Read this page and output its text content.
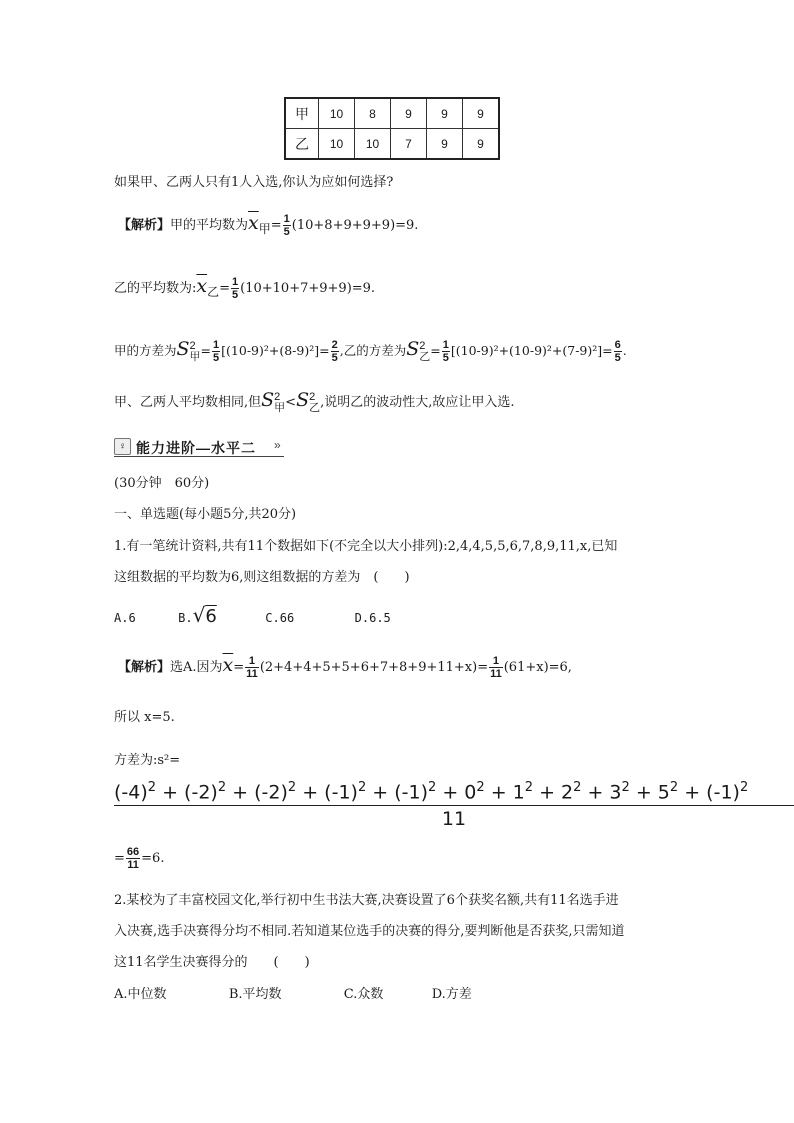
甲	10	8	9	9	9
乙	10	10	7	9	9
如果甲、乙两人只有1人入选,你认为应如何选择?
【解析】甲的平均数为$\overline{x}$甲= $\frac{1}{5} (10+8+9+9+9)=9$.
乙的平均数为$:\overline{x}$乙= $\frac{1}{5} (10+10+7+9+9)=9$.
甲的方差为S 2
甲 = $\frac{1}{5} [(10-9)^2+(8-9)^2]= \frac{2}{5}$ ,乙的方差为S 2
乙 = $\frac{1}{5} [(10-9)^2+(10-9)^2+(7-9)^2]= \frac{6}{5}$ .
甲、乙两人平均数相同,但S 2
甲 <S 2
乙 ,说明乙的波动性大,故应让甲入选.
♀ 能力进阶—水平二 »
(30分钟　60分)
一、单选题(每小题5分,共20分)
1.有一笔统计资料,共有11个数据如下(不完全以大小排列):2,4,4,5,5,6,7,8,9,11,x,已知
这组数据的平均数为6,则这组数据的方差为　(　　)
A.6	B.√6	C.66	D.6.5
【解析】选A.因为$\overline{x}= \frac{1}{11} (2+4+4+5+5+6+7+8+9+11+x)= \frac{1}{11} (61+x)=6$,
所以 x=5.
方差为:s²=
$(-4)^2 + (-2)^2 + (-2)^2 + (-1)^2 + (-1)^2 + 0^2 + 1^2 + 2^2 + 3^2 + 5^2 + (-1)^2$
11
= $\frac{66}{11} =6$.
2.某校为了丰富校园文化,举行初中生书法大赛,决赛设置了6个获奖名额,共有11名选手进
入决赛,选手决赛得分均不相同.若知道某位选手的决赛的得分,要判断他是否获奖,只需知道
这11名学生决赛得分的　　(　　)
A.中位数	B.平均数	C.众数	D.方差
